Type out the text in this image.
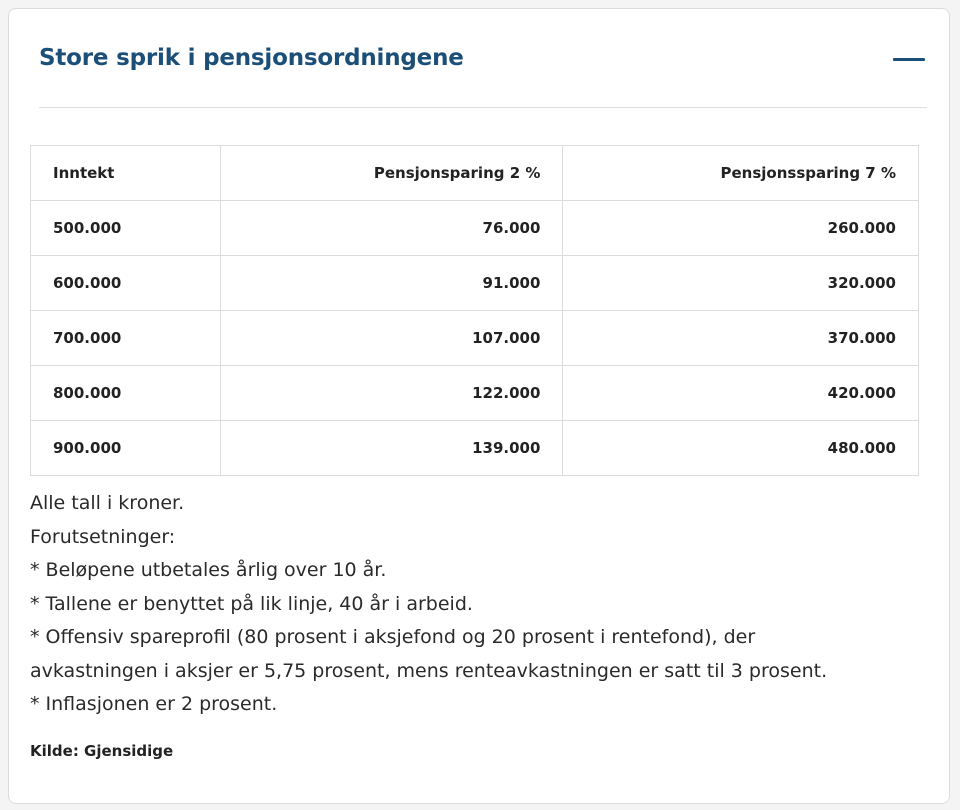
Store sprik i pensjonsordningene
Inntekt	Pensjonsparing 2 %	Pensjonssparing 7 %
500.000	76.000	260.000
600.000	91.000	320.000
700.000	107.000	370.000
800.000	122.000	420.000
900.000	139.000	480.000
Alle tall i kroner.
Forutsetninger:
* Beløpene utbetales årlig over 10 år.
* Tallene er benyttet på lik linje, 40 år i arbeid.
* Offensiv spareprofil (80 prosent i aksjefond og 20 prosent i rentefond), der
avkastningen i aksjer er 5,75 prosent, mens renteavkastningen er satt til 3 prosent.
* Inflasjonen er 2 prosent.
Kilde: Gjensidige
